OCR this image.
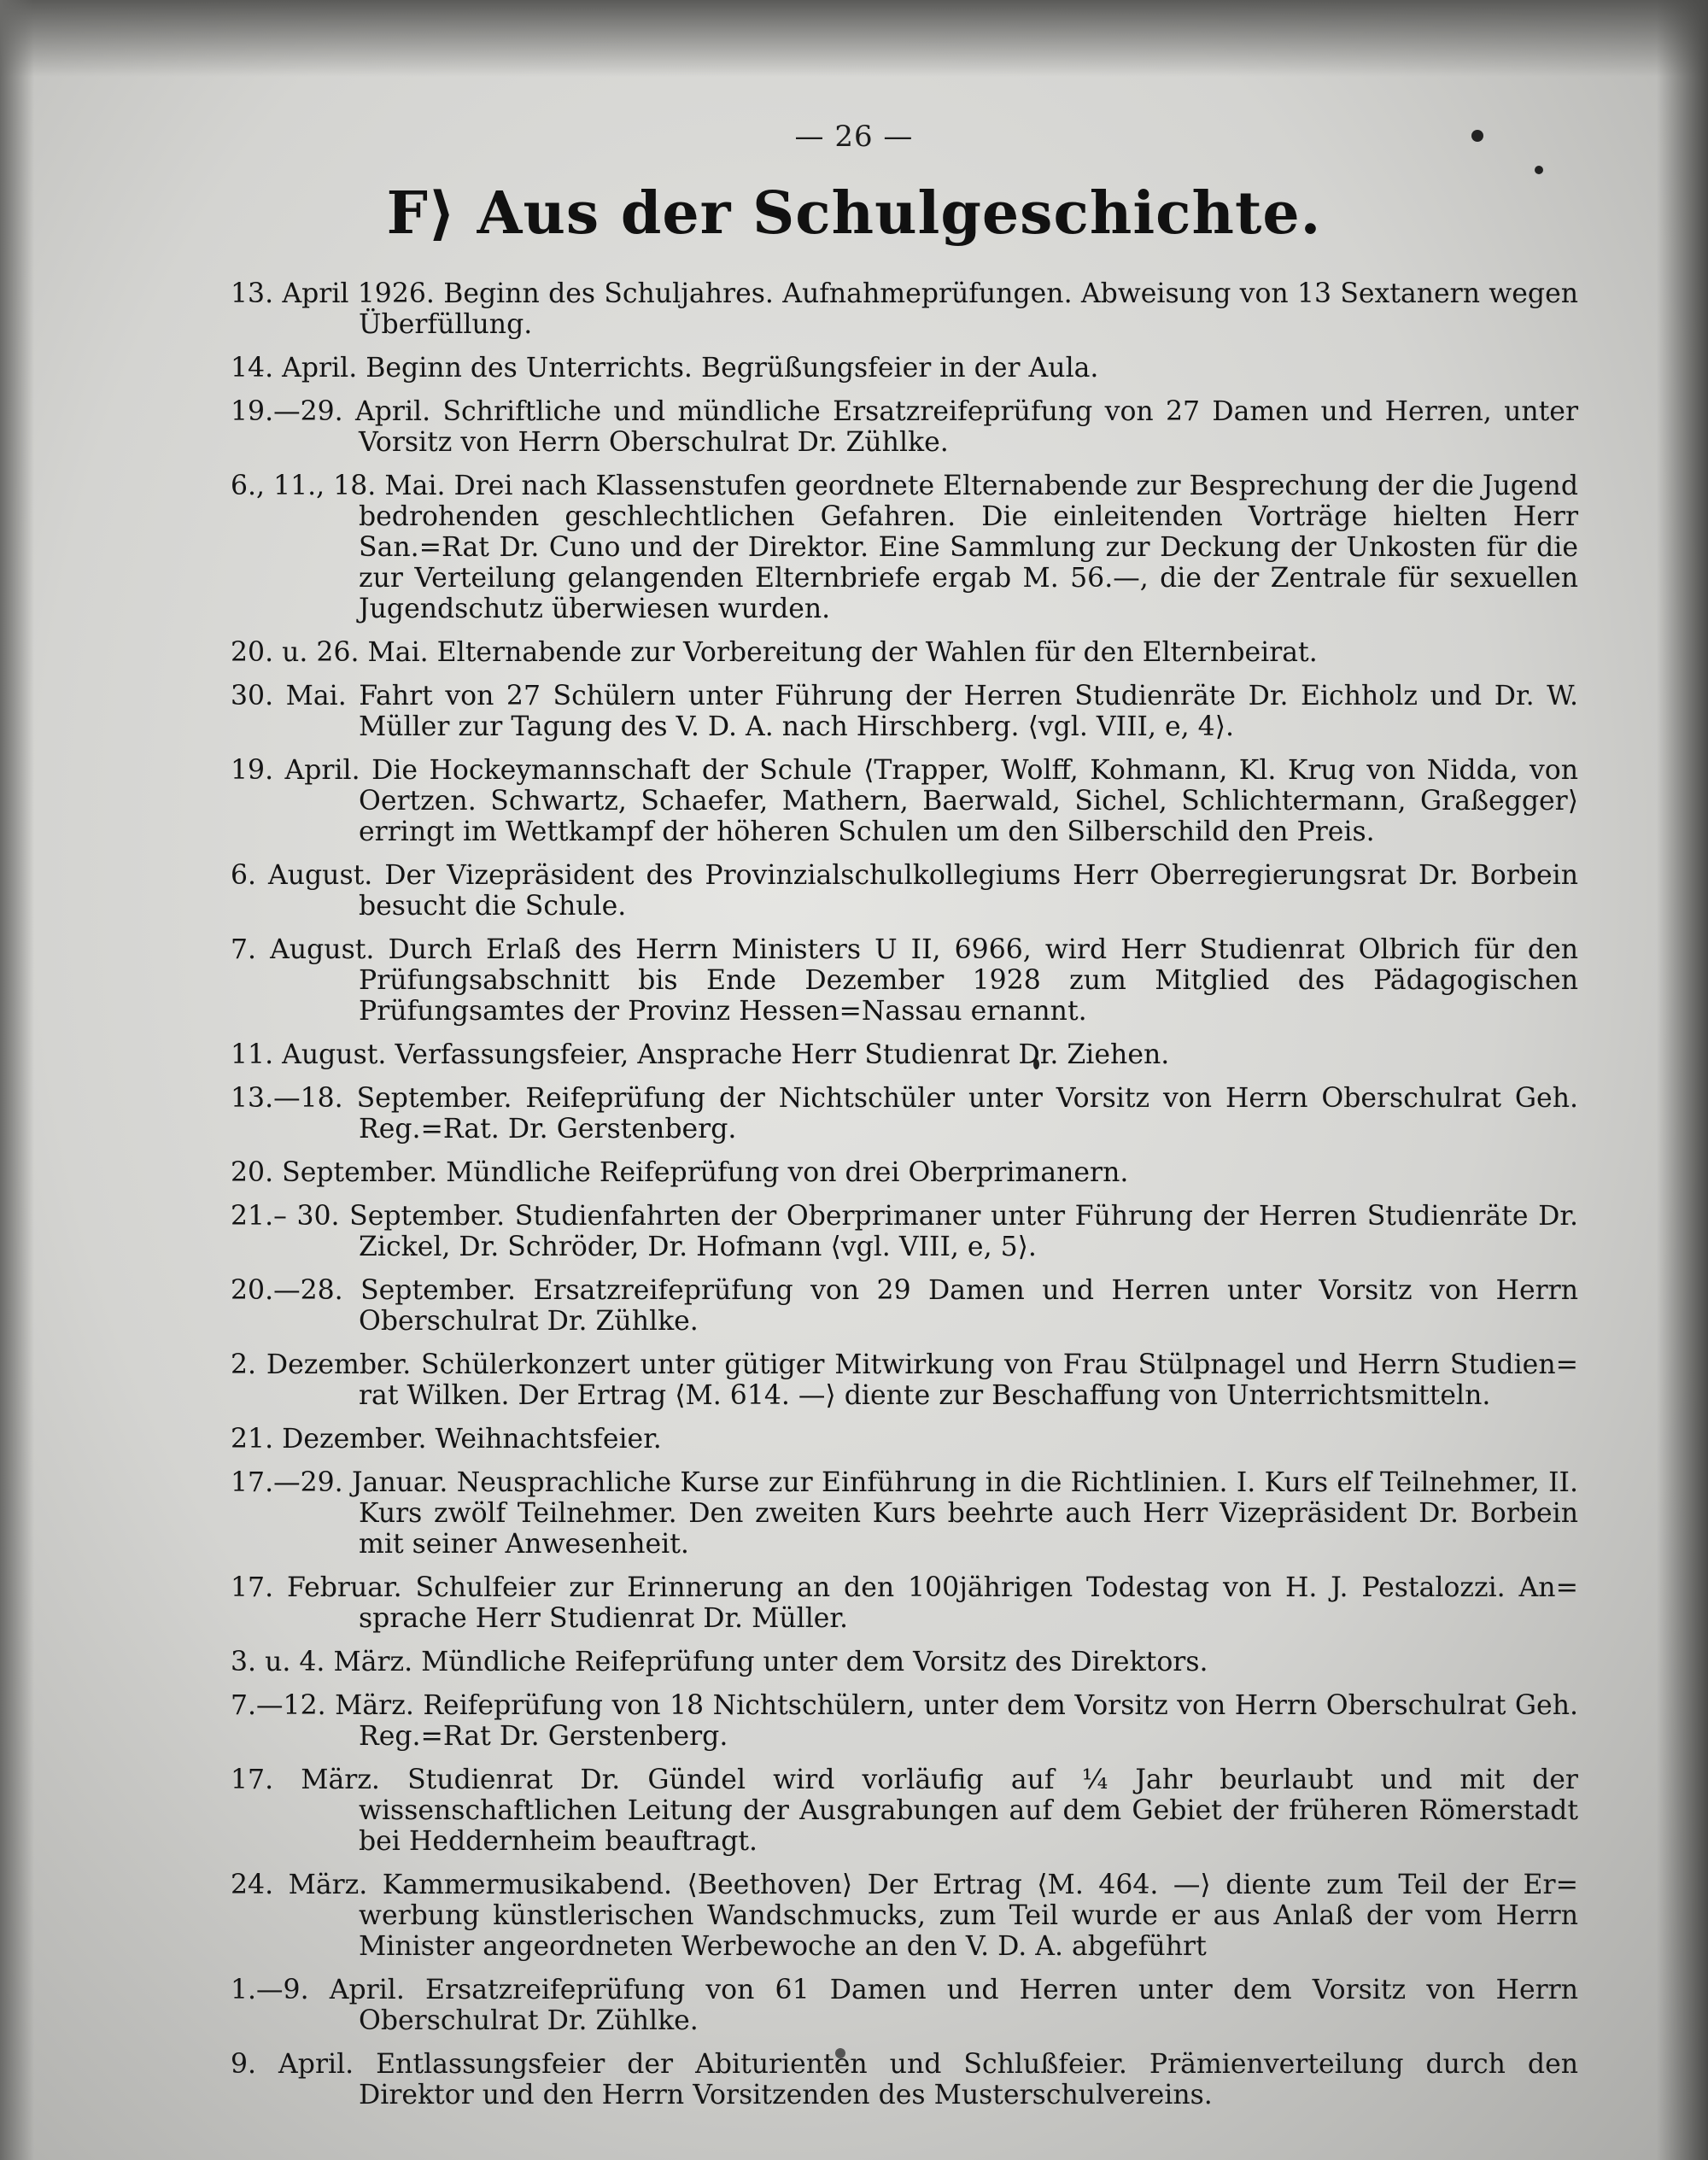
— 26 —
F⟩ Aus der Schulgeschichte.

13. April 1926. Beginn des Schuljahres. Aufnahmeprüfungen. Abweisung von 13 Sextanern wegen Überfüllung.

14. April. Beginn des Unterrichts. Begrüßungsfeier in der Aula.

19.—29. April. Schriftliche und mündliche Ersatzreifeprüfung von 27 Damen und Herren, unter Vorsitz von Herrn Oberschulrat Dr. Zühlke.

6., 11., 18. Mai. Drei nach Klassenstufen geordnete Elternabende zur Besprechung der die Jugend bedrohenden geschlechtlichen Gefahren. Die einleitenden Vorträge hielten Herr San.=Rat Dr. Cuno und der Direktor. Eine Sammlung zur Deckung der Unkosten für die zur Verteilung gelangenden Elternbriefe ergab M. 56.—, die der Zentrale für sexuellen Jugendschutz überwiesen wurden.

20. u. 26. Mai. Elternabende zur Vorbereitung der Wahlen für den Elternbeirat.

30. Mai. Fahrt von 27 Schülern unter Führung der Herren Studienräte Dr. Eichholz und Dr. W. Müller zur Tagung des V. D. A. nach Hirschberg. ⟨vgl. VIII, e, 4⟩.

19. April. Die Hockeymannschaft der Schule ⟨Trapper, Wolff, Kohmann, Kl. Krug von Nidda, von Oertzen. Schwartz, Schaefer, Mathern, Baerwald, Sichel, Schlichtermann, Graßegger⟩ erringt im Wettkampf der höheren Schulen um den Silberschild den Preis.

6. August. Der Vizepräsident des Provinzialschulkollegiums Herr Oberregierungsrat Dr. Borbein besucht die Schule.

7. August. Durch Erlaß des Herrn Ministers U II, 6966, wird Herr Studienrat Olbrich für den Prüfungsabschnitt bis Ende Dezember 1928 zum Mitglied des Pädagogischen Prüfungsamtes der Provinz Hessen=Nassau ernannt.

11. August. Verfassungsfeier, Ansprache Herr Studienrat Dr. Ziehen.

13.—18. September. Reifeprüfung der Nichtschüler unter Vorsitz von Herrn Oberschulrat Geh. Reg.=Rat. Dr. Gerstenberg.

20. September. Mündliche Reifeprüfung von drei Oberprimanern.

21.– 30. September. Studienfahrten der Oberprimaner unter Führung der Herren Studienräte Dr. Zickel, Dr. Schröder, Dr. Hofmann ⟨vgl. VIII, e, 5⟩.

20.—28. September. Ersatzreifeprüfung von 29 Damen und Herren unter Vorsitz von Herrn Oberschulrat Dr. Zühlke.

2. Dezember. Schülerkonzert unter gütiger Mitwirkung von Frau Stülpnagel und Herrn Studien= rat Wilken. Der Ertrag ⟨M. 614. —⟩ diente zur Beschaffung von Unterrichtsmitteln.

21. Dezember. Weihnachtsfeier.

17.—29. Januar. Neusprachliche Kurse zur Einführung in die Richtlinien. I. Kurs elf Teilnehmer, II. Kurs zwölf Teilnehmer. Den zweiten Kurs beehrte auch Herr Vizepräsident Dr. Borbein mit seiner Anwesenheit.

17. Februar. Schulfeier zur Erinnerung an den 100jährigen Todestag von H. J. Pestalozzi. An= sprache Herr Studienrat Dr. Müller.

3. u. 4. März. Mündliche Reifeprüfung unter dem Vorsitz des Direktors.

7.—12. März. Reifeprüfung von 18 Nichtschülern, unter dem Vorsitz von Herrn Oberschulrat Geh. Reg.=Rat Dr. Gerstenberg.

17. März. Studienrat Dr. Gündel wird vorläufig auf ¼ Jahr beurlaubt und mit der wissenschaftlichen Leitung der Ausgrabungen auf dem Gebiet der früheren Römerstadt bei Heddernheim beauftragt.

24. März. Kammermusikabend. ⟨Beethoven⟩ Der Ertrag ⟨M. 464. —⟩ diente zum Teil der Er= werbung künstlerischen Wandschmucks, zum Teil wurde er aus Anlaß der vom Herrn Minister angeordneten Werbewoche an den V. D. A. abgeführt

1.—9. April. Ersatzreifeprüfung von 61 Damen und Herren unter dem Vorsitz von Herrn Oberschulrat Dr. Zühlke.

9. April. Entlassungsfeier der Abiturienten und Schlußfeier. Prämienverteilung durch den Direktor und den Herrn Vorsitzenden des Musterschulvereins.
